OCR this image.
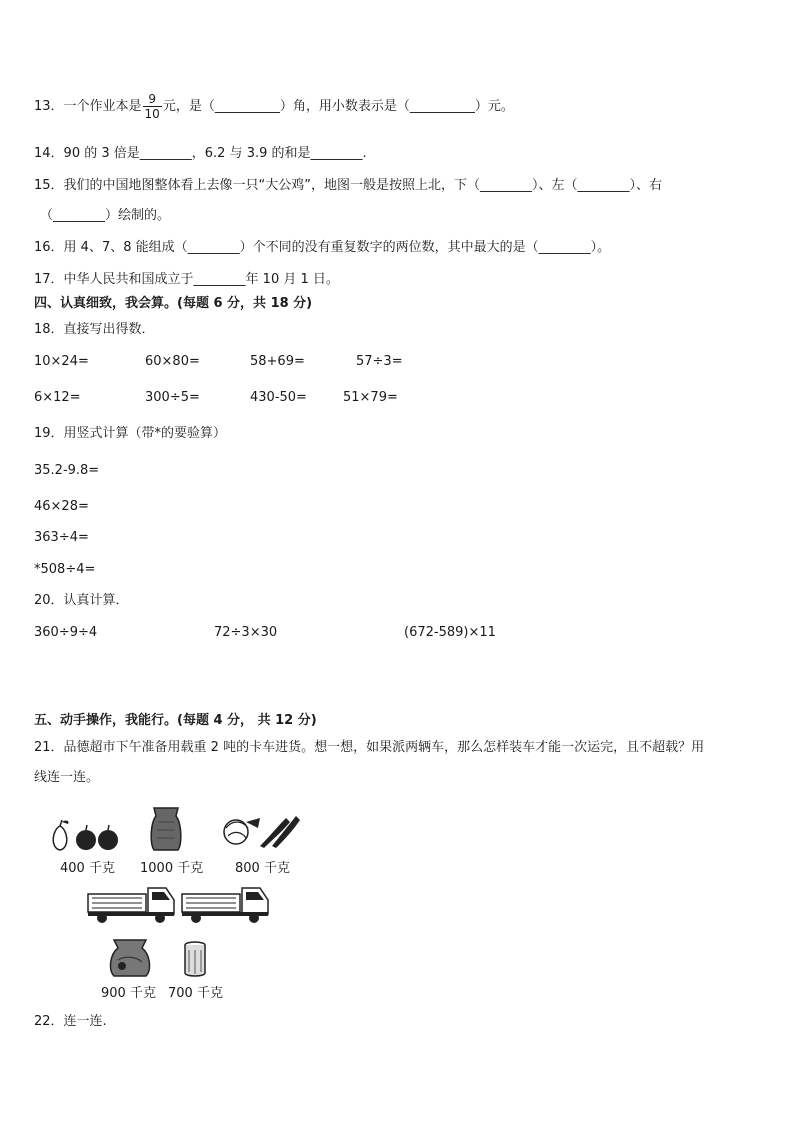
13．一个作业本是 $\frac{9}{10}$ 元，是（__________）角，用小数表示是（__________）元。
14．90 的 3 倍是________，6.2 与 3.9 的和是________.
15．我们的中国地图整体看上去像一只“大公鸡”，地图一般是按照上北，下（________）、左（________）、右
（________）绘制的。
16．用 4、7、8 能组成（________）个不同的没有重复数字的两位数，其中最大的是（________）。
17．中华人民共和国成立于________年 10 月 1 日。
四、认真细致，我会算。(每题 6 分，共 18 分)
18．直接写出得数．
10×24=	60×80=	58+69=	57÷3=
6×12=	300÷5=	430-50=	51×79=
19．用竖式计算（带*的要验算）
35.2-9.8=
46×28=
363÷4=
*508÷4=
20．认真计算．
360÷9÷4	72÷3×30	(672-589)×11
五、动手操作，我能行。(每题 4 分， 共 12 分)
21．品德超市下午准备用载重 2 吨的卡车进货。想一想，如果派两辆车，那么怎样装车才能一次运完，且不超载？用
线连一连。
400 千克 1000 千克 800 千克
900 千克 700 千克
22．连一连.
